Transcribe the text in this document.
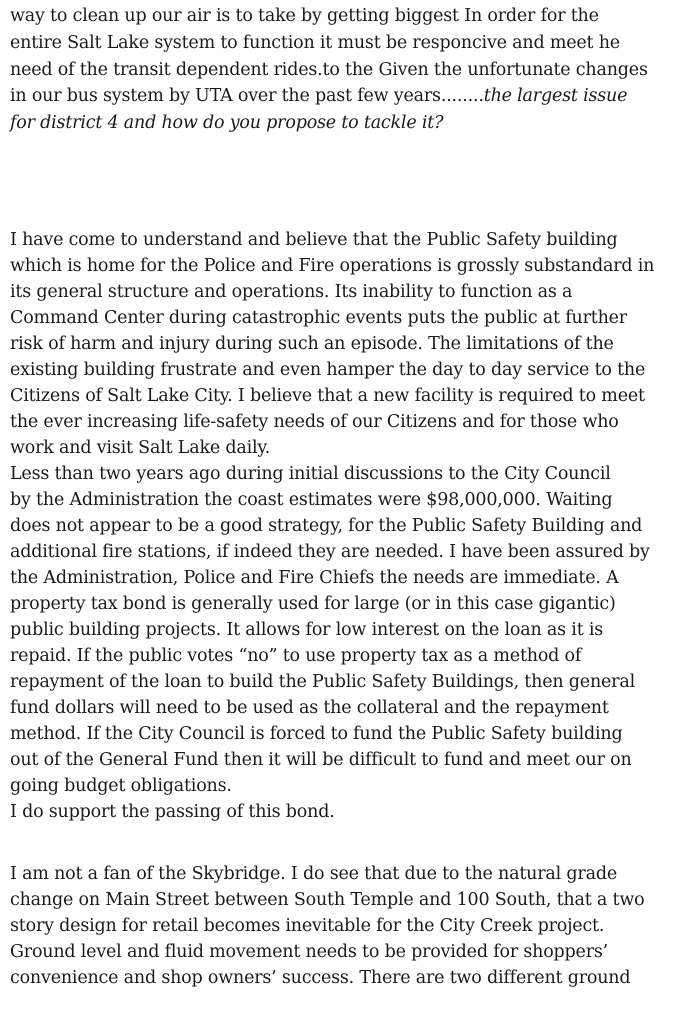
way to clean up our air is to take by getting biggest In order for the
entire Salt Lake system to function it must be responcive and meet he
need of the transit dependent rides.to the Given the unfortunate changes
in our bus system by UTA over the past few years........the largest issue
for district 4 and how do you propose to tackle it?
I have come to understand and believe that the Public Safety building
which is home for the Police and Fire operations is grossly substandard in
its general structure and operations. Its inability to function as a
Command Center during catastrophic events puts the public at further
risk of harm and injury during such an episode. The limitations of the
existing building frustrate and even hamper the day to day service to the
Citizens of Salt Lake City. I believe that a new facility is required to meet
the ever increasing life-safety needs of our Citizens and for those who
work and visit Salt Lake daily.
Less than two years ago during initial discussions to the City Council
by the Administration the coast estimates were $98,000,000. Waiting
does not appear to be a good strategy, for the Public Safety Building and
additional fire stations, if indeed they are needed. I have been assured by
the Administration, Police and Fire Chiefs the needs are immediate. A
property tax bond is generally used for large (or in this case gigantic)
public building projects. It allows for low interest on the loan as it is
repaid. If the public votes “no” to use property tax as a method of
repayment of the loan to build the Public Safety Buildings, then general
fund dollars will need to be used as the collateral and the repayment
method. If the City Council is forced to fund the Public Safety building
out of the General Fund then it will be difficult to fund and meet our on
going budget obligations.
I do support the passing of this bond.
I am not a fan of the Skybridge. I do see that due to the natural grade
change on Main Street between South Temple and 100 South, that a two
story design for retail becomes inevitable for the City Creek project.
Ground level and fluid movement needs to be provided for shoppers’
convenience and shop owners’ success. There are two different ground
